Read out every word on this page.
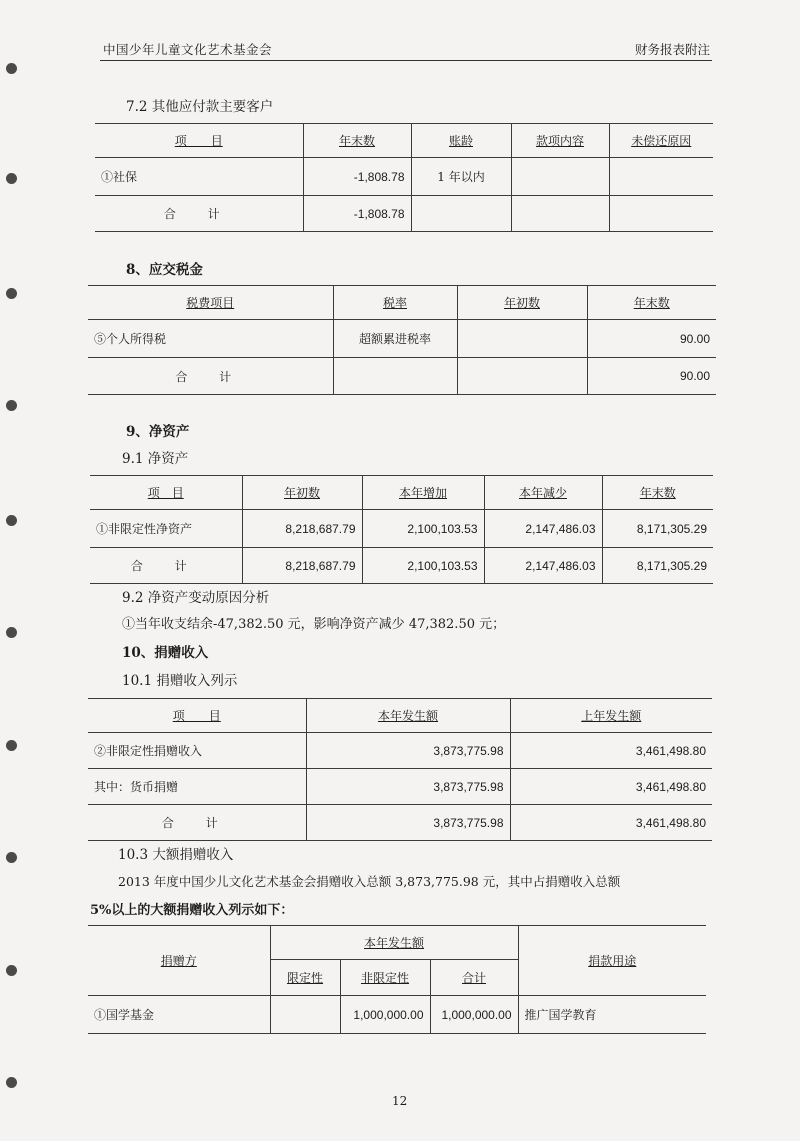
中国少年儿童文化艺术基金会	财务报表附注
7.2 其他应付款主要客户
项　　目	年末数	账龄	款项内容	未偿还原因
①社保	-1,808.78	1 年以内		
合 计	-1,808.78			
8、应交税金
税费项目	税率	年初数	年末数
⑤个人所得税	超额累进税率		90.00
合 计			90.00
9、净资产
9.1 净资产
项　目	年初数	本年增加	本年减少	年末数
①非限定性净资产	8,218,687.79	2,100,103.53	2,147,486.03	8,171,305.29
合 计	8,218,687.79	2,100,103.53	2,147,486.03	8,171,305.29
9.2 净资产变动原因分析
①当年收支结余-47,382.50 元，影响净资产减少 47,382.50 元；
10、捐赠收入
10.1 捐赠收入列示
项　　目	本年发生额	上年发生额
②非限定性捐赠收入	3,873,775.98	3,461,498.80
其中：货币捐赠	3,873,775.98	3,461,498.80
合 计	3,873,775.98	3,461,498.80
10.3 大额捐赠收入
2013 年度中国少儿文化艺术基金会捐赠收入总额 3,873,775.98 元，其中占捐赠收入总额
5%以上的大额捐赠收入列示如下：
捐赠方	本年发生额			捐款用途
	限定性	非限定性	合计	
①国学基金		1,000,000.00	1,000,000.00	推广国学教育
12
